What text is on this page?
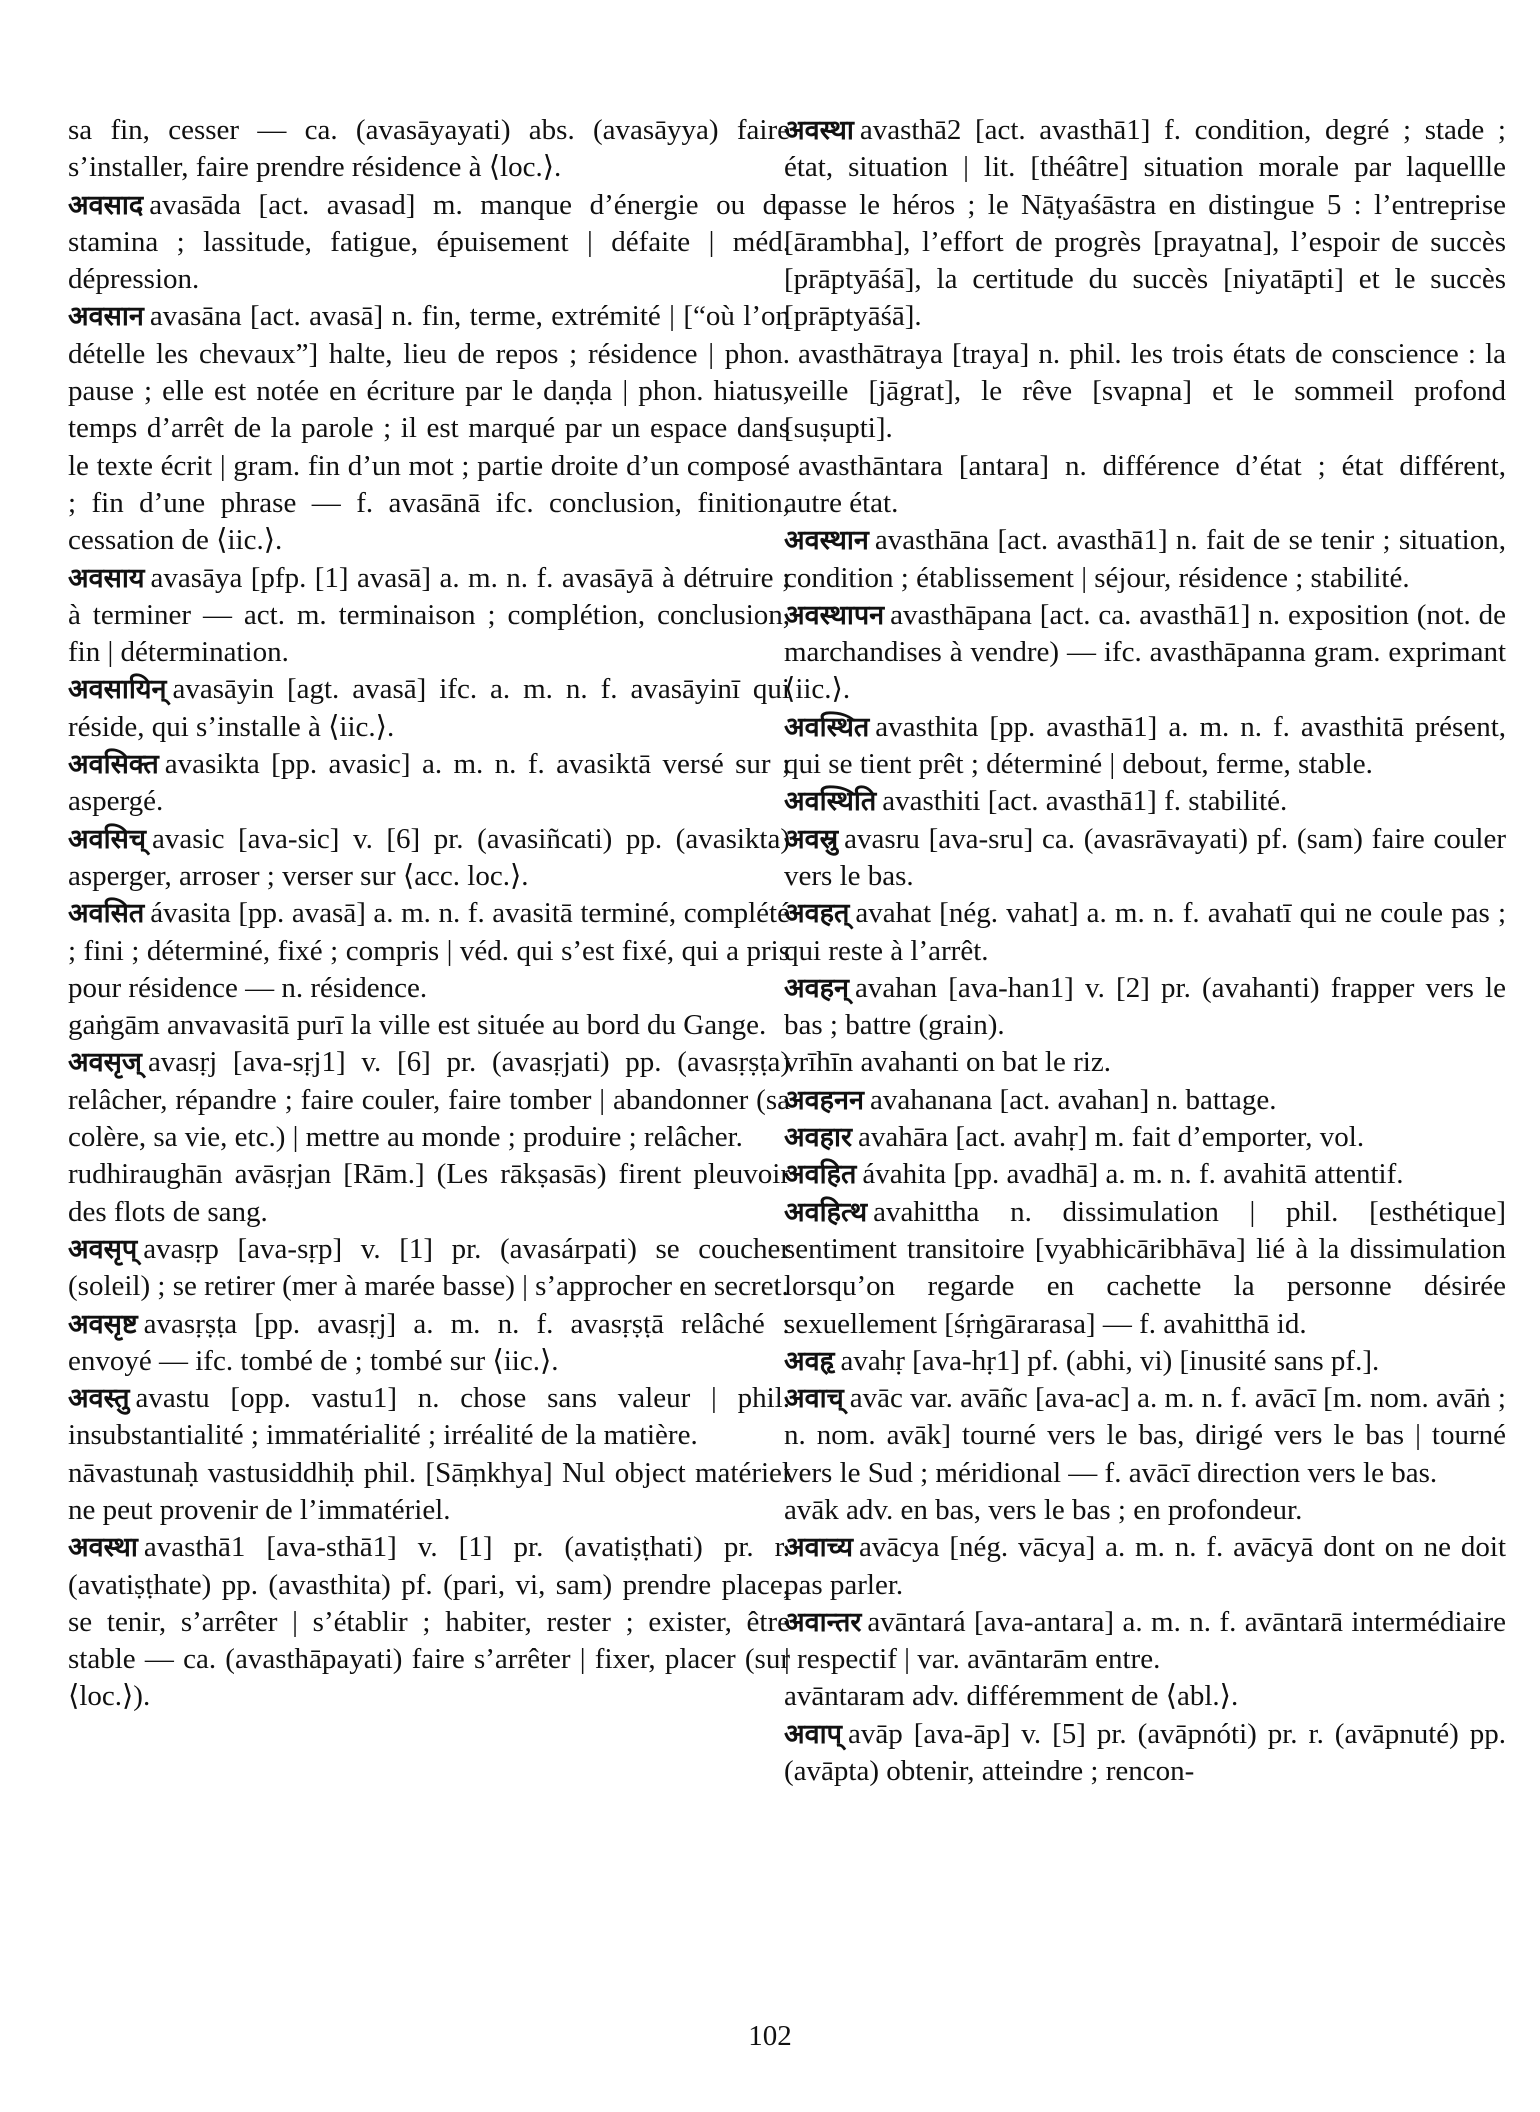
sa fin, cesser — ca. (avasāyayati) abs. (avasāyya) faire s’installer, faire prendre résidence à ⟨loc.⟩.
अवसाद avasāda [act. avasad] m. manque d’énergie ou de stamina ; lassitude, fatigue, épuisement | défaite | méd. dépression.
अवसान avasāna [act. avasā] n. fin, terme, extrémité | [“où l’on dételle les chevaux”] halte, lieu de repos ; résidence | phon. pause ; elle est notée en écriture par le daṇḍa | phon. hiatus, temps d’arrêt de la parole ; il est marqué par un espace dans le texte écrit | gram. fin d’un mot ; partie droite d’un composé ; fin d’une phrase — f. avasānā ifc. conclusion, finition, cessation de ⟨iic.⟩.
अवसाय avasāya [pfp. [1] avasā] a. m. n. f. avasāyā à détruire ; à terminer — act. m. terminaison ; complétion, conclusion, fin | détermination.
अवसायिन् avasāyin [agt. avasā] ifc. a. m. n. f. avasāyinī qui réside, qui s’installe à ⟨iic.⟩.
अवसिक्त avasikta [pp. avasic] a. m. n. f. avasiktā versé sur ; aspergé.
अवसिच् avasic [ava-sic] v. [6] pr. (avasiñcati) pp. (avasikta) asperger, arroser ; verser sur ⟨acc. loc.⟩.
अवसित ávasita [pp. avasā] a. m. n. f. avasitā terminé, complété ; fini ; déterminé, fixé ; compris | véd. qui s’est fixé, qui a pris pour résidence — n. résidence.
gaṅgām anvavasitā purī la ville est située au bord du Gange.
अवसृज् avasṛj [ava-sṛj1] v. [6] pr. (avasṛjati) pp. (avasṛṣṭa) relâcher, répandre ; faire couler, faire tomber | abandonner (sa colère, sa vie, etc.) | mettre au monde ; produire ; relâcher.
rudhiraughān avāsṛjan [Rām.] (Les rākṣasās) firent pleuvoir des flots de sang.
अवसृप् avasṛp [ava-sṛp] v. [1] pr. (avasárpati) se coucher (soleil) ; se retirer (mer à marée basse) | s’approcher en secret.
अवसृष्ट avasṛṣṭa [pp. avasṛj] a. m. n. f. avasṛṣṭā relâché : envoyé — ifc. tombé de ; tombé sur ⟨iic.⟩.
अवस्तु avastu [opp. vastu1] n. chose sans valeur | phil. insubstantialité ; immatérialité ; irréalité de la matière.
nāvastunaḥ vastusiddhiḥ phil. [Sāṃkhya] Nul object matériel ne peut provenir de l’immatériel.
अवस्था avasthā1 [ava-sthā1] v. [1] pr. (avatiṣṭhati) pr. r. (avatiṣṭhate) pp. (avasthita) pf. (pari, vi, sam) prendre place, se tenir, s’arrêter | s’établir ; habiter, rester ; exister, être stable — ca. (avasthāpayati) faire s’arrêter | fixer, placer (sur ⟨loc.⟩).
अवस्था avasthā2 [act. avasthā1] f. condition, degré ; stade ; état, situation | lit. [théâtre] situation morale par laquellle passe le héros ; le Nāṭyaśāstra en distingue 5 : l’entreprise [ārambha], l’effort de progrès [prayatna], l’espoir de succès [prāptyāśā], la certitude du succès [niyatāpti] et le succès [prāptyāśā].
avasthātraya [traya] n. phil. les trois états de conscience : la veille [jāgrat], le rêve [svapna] et le sommeil profond [suṣupti].
avasthāntara [antara] n. différence d’état ; état différent, autre état.
अवस्थान avasthāna [act. avasthā1] n. fait de se tenir ; situation, condition ; établissement | séjour, résidence ; stabilité.
अवस्थापन avasthāpana [act. ca. avasthā1] n. exposition (not. de marchandises à vendre) — ifc. avasthāpanna gram. exprimant ⟨iic.⟩.
अवस्थित avasthita [pp. avasthā1] a. m. n. f. avasthitā présent, qui se tient prêt ; déterminé | debout, ferme, stable.
अवस्थिति avasthiti [act. avasthā1] f. stabilité.
अवस्रु avasru [ava-sru] ca. (avasrāvayati) pf. (sam) faire couler vers le bas.
अवहत् avahat [nég. vahat] a. m. n. f. avahatī qui ne coule pas ; qui reste à l’arrêt.
अवहन् avahan [ava-han1] v. [2] pr. (avahanti) frapper vers le bas ; battre (grain).
vrīhīn avahanti on bat le riz.
अवहनन avahanana [act. avahan] n. battage.
अवहार avahāra [act. avahṛ] m. fait d’emporter, vol.
अवहित ávahita [pp. avadhā] a. m. n. f. avahitā attentif.
अवहित्थ avahittha n. dissimulation | phil. [esthétique] sentiment transitoire [vyabhicāribhāva] lié à la dissimulation lorsqu’on regarde en cachette la personne désirée sexuellement [śṛṅgārarasa] — f. avahitthā id.
अवहृ avahṛ [ava-hṛ1] pf. (abhi, vi) [inusité sans pf.].
अवाच् avāc var. avāñc [ava-ac] a. m. n. f. avācī [m. nom. avāṅ ; n. nom. avāk] tourné vers le bas, dirigé vers le bas | tourné vers le Sud ; méridional — f. avācī direction vers le bas.
avāk adv. en bas, vers le bas ; en profondeur.
अवाच्य avācya [nég. vācya] a. m. n. f. avācyā dont on ne doit pas parler.
अवान्तर avāntará [ava-antara] a. m. n. f. avāntarā intermédiaire | respectif | var. avāntarām entre.
avāntaram adv. différemment de ⟨abl.⟩.
अवाप् avāp [ava-āp] v. [5] pr. (avāpnóti) pr. r. (avāpnuté) pp. (avāpta) obtenir, atteindre ; rencon-
102
